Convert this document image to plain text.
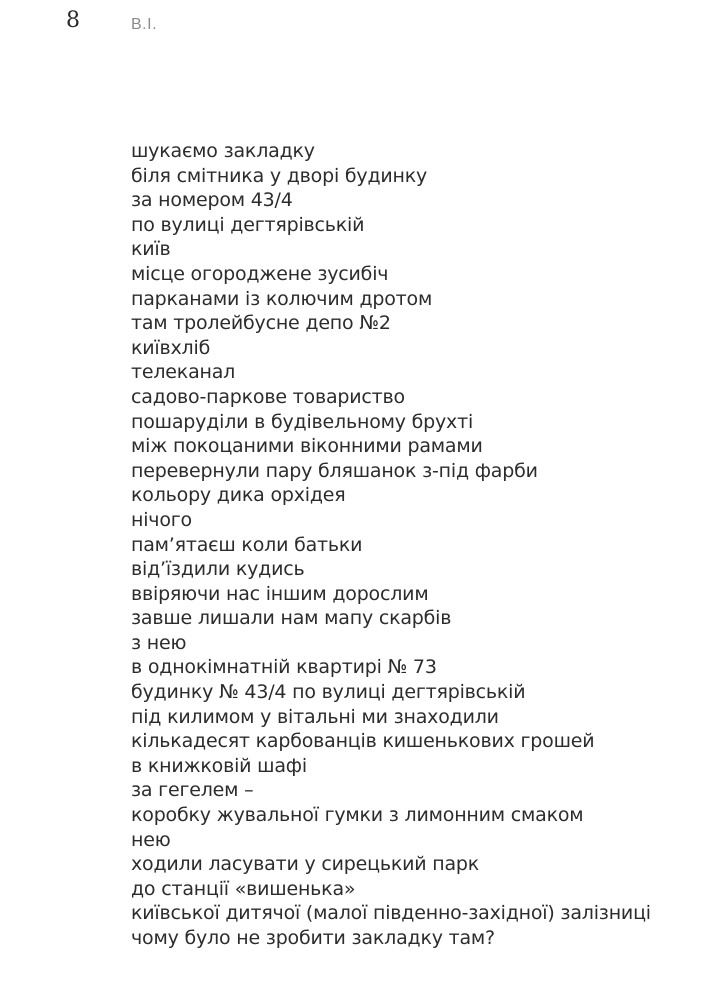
8	В.І.
шукаємо закладку
біля смітника у дворі будинку
за номером 43/4
по вулиці дегтярівській
київ
місце огороджене зусибіч
парканами із колючим дротом
там тролейбусне депо №2
київхліб
телеканал
садово-паркове товариство
пошаруділи в будівельному брухті
між покоцаними віконними рамами
перевернули пару бляшанок з-під фарби
кольору дика орхідея
нічого
пам’ятаєш коли батьки
від’їздили кудись
ввіряючи нас іншим дорослим
завше лишали нам мапу скарбів
з нею
в однокімнатній квартирі № 73
будинку № 43/4 по вулиці дегтярівській
під килимом у вітальні ми знаходили
кількадесят карбованців кишенькових грошей
в книжковій шафі
за гегелем –
коробку жувальної гумки з лимонним смаком
нею
ходили ласувати у сирецький парк
до станції «вишенька»
київської дитячої (малої південно-західної) залізниці
чому було не зробити закладку там?
